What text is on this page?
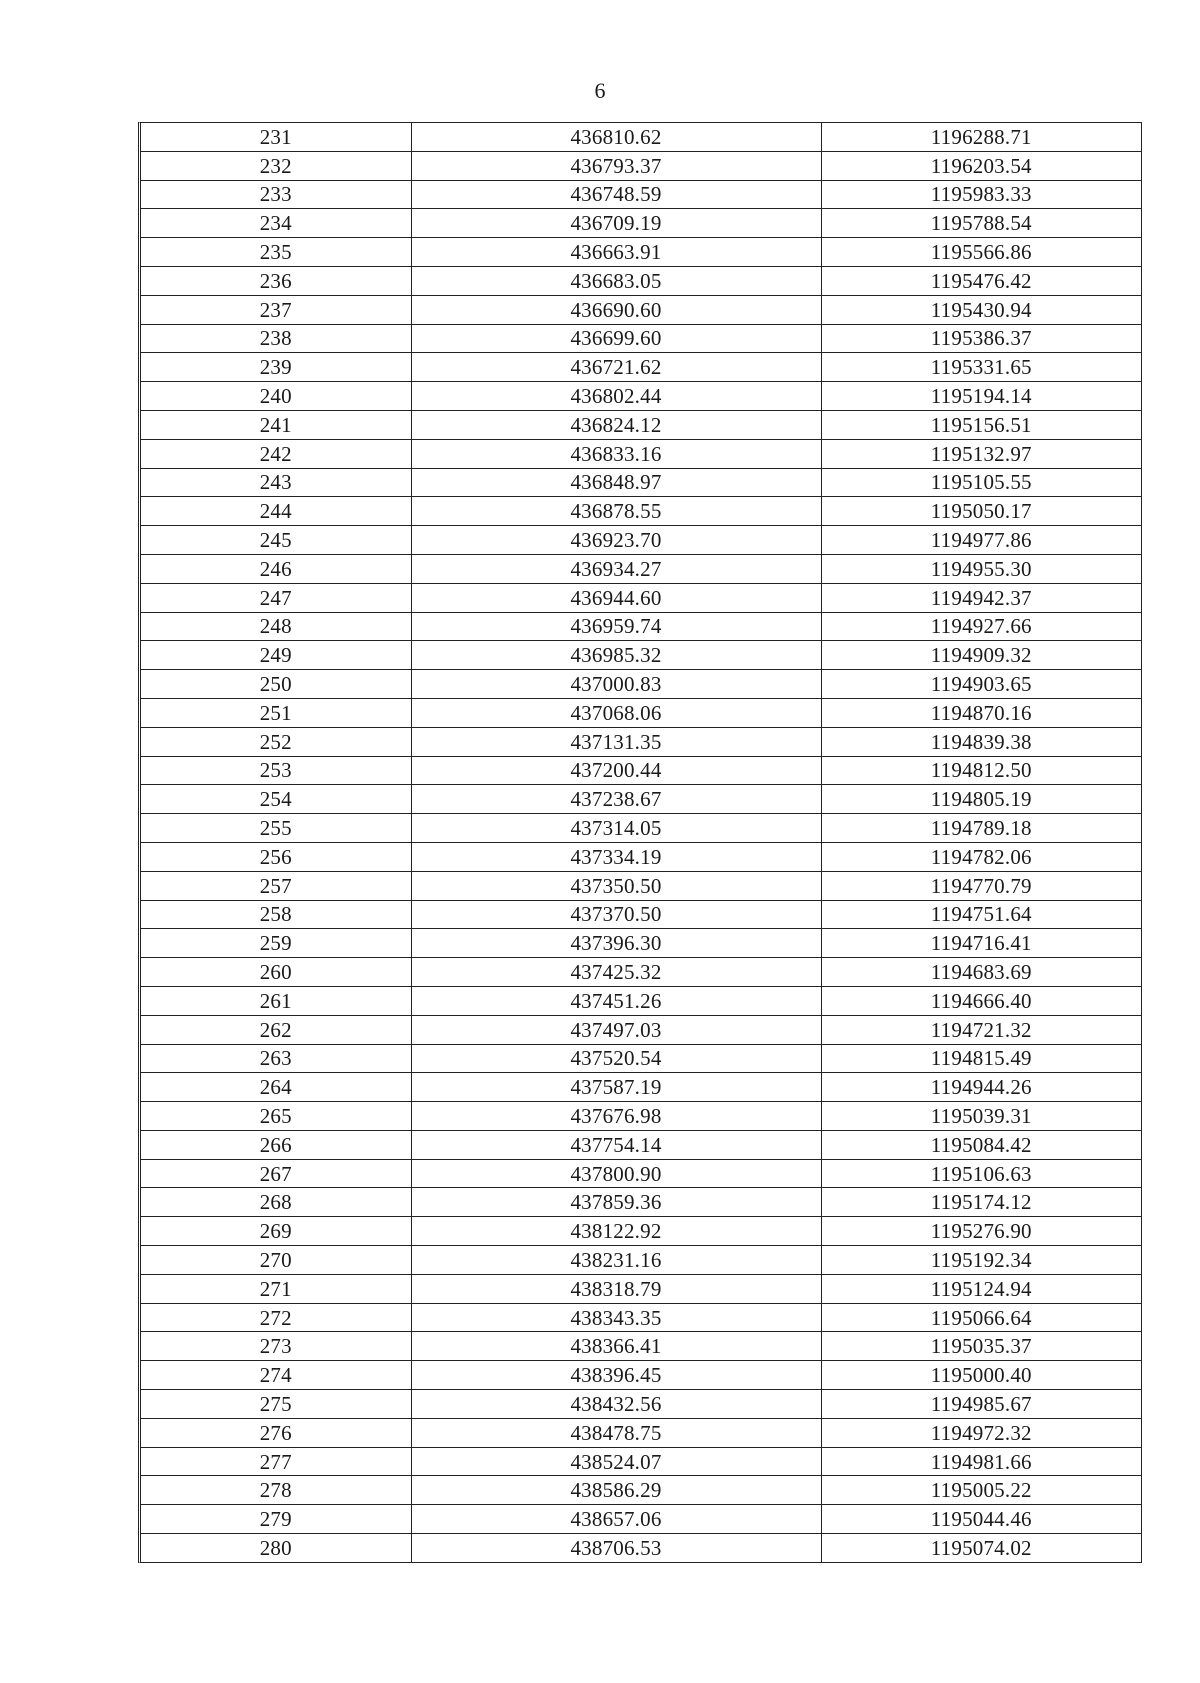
6
231	436810.62	1196288.71
232	436793.37	1196203.54
233	436748.59	1195983.33
234	436709.19	1195788.54
235	436663.91	1195566.86
236	436683.05	1195476.42
237	436690.60	1195430.94
238	436699.60	1195386.37
239	436721.62	1195331.65
240	436802.44	1195194.14
241	436824.12	1195156.51
242	436833.16	1195132.97
243	436848.97	1195105.55
244	436878.55	1195050.17
245	436923.70	1194977.86
246	436934.27	1194955.30
247	436944.60	1194942.37
248	436959.74	1194927.66
249	436985.32	1194909.32
250	437000.83	1194903.65
251	437068.06	1194870.16
252	437131.35	1194839.38
253	437200.44	1194812.50
254	437238.67	1194805.19
255	437314.05	1194789.18
256	437334.19	1194782.06
257	437350.50	1194770.79
258	437370.50	1194751.64
259	437396.30	1194716.41
260	437425.32	1194683.69
261	437451.26	1194666.40
262	437497.03	1194721.32
263	437520.54	1194815.49
264	437587.19	1194944.26
265	437676.98	1195039.31
266	437754.14	1195084.42
267	437800.90	1195106.63
268	437859.36	1195174.12
269	438122.92	1195276.90
270	438231.16	1195192.34
271	438318.79	1195124.94
272	438343.35	1195066.64
273	438366.41	1195035.37
274	438396.45	1195000.40
275	438432.56	1194985.67
276	438478.75	1194972.32
277	438524.07	1194981.66
278	438586.29	1195005.22
279	438657.06	1195044.46
280	438706.53	1195074.02
